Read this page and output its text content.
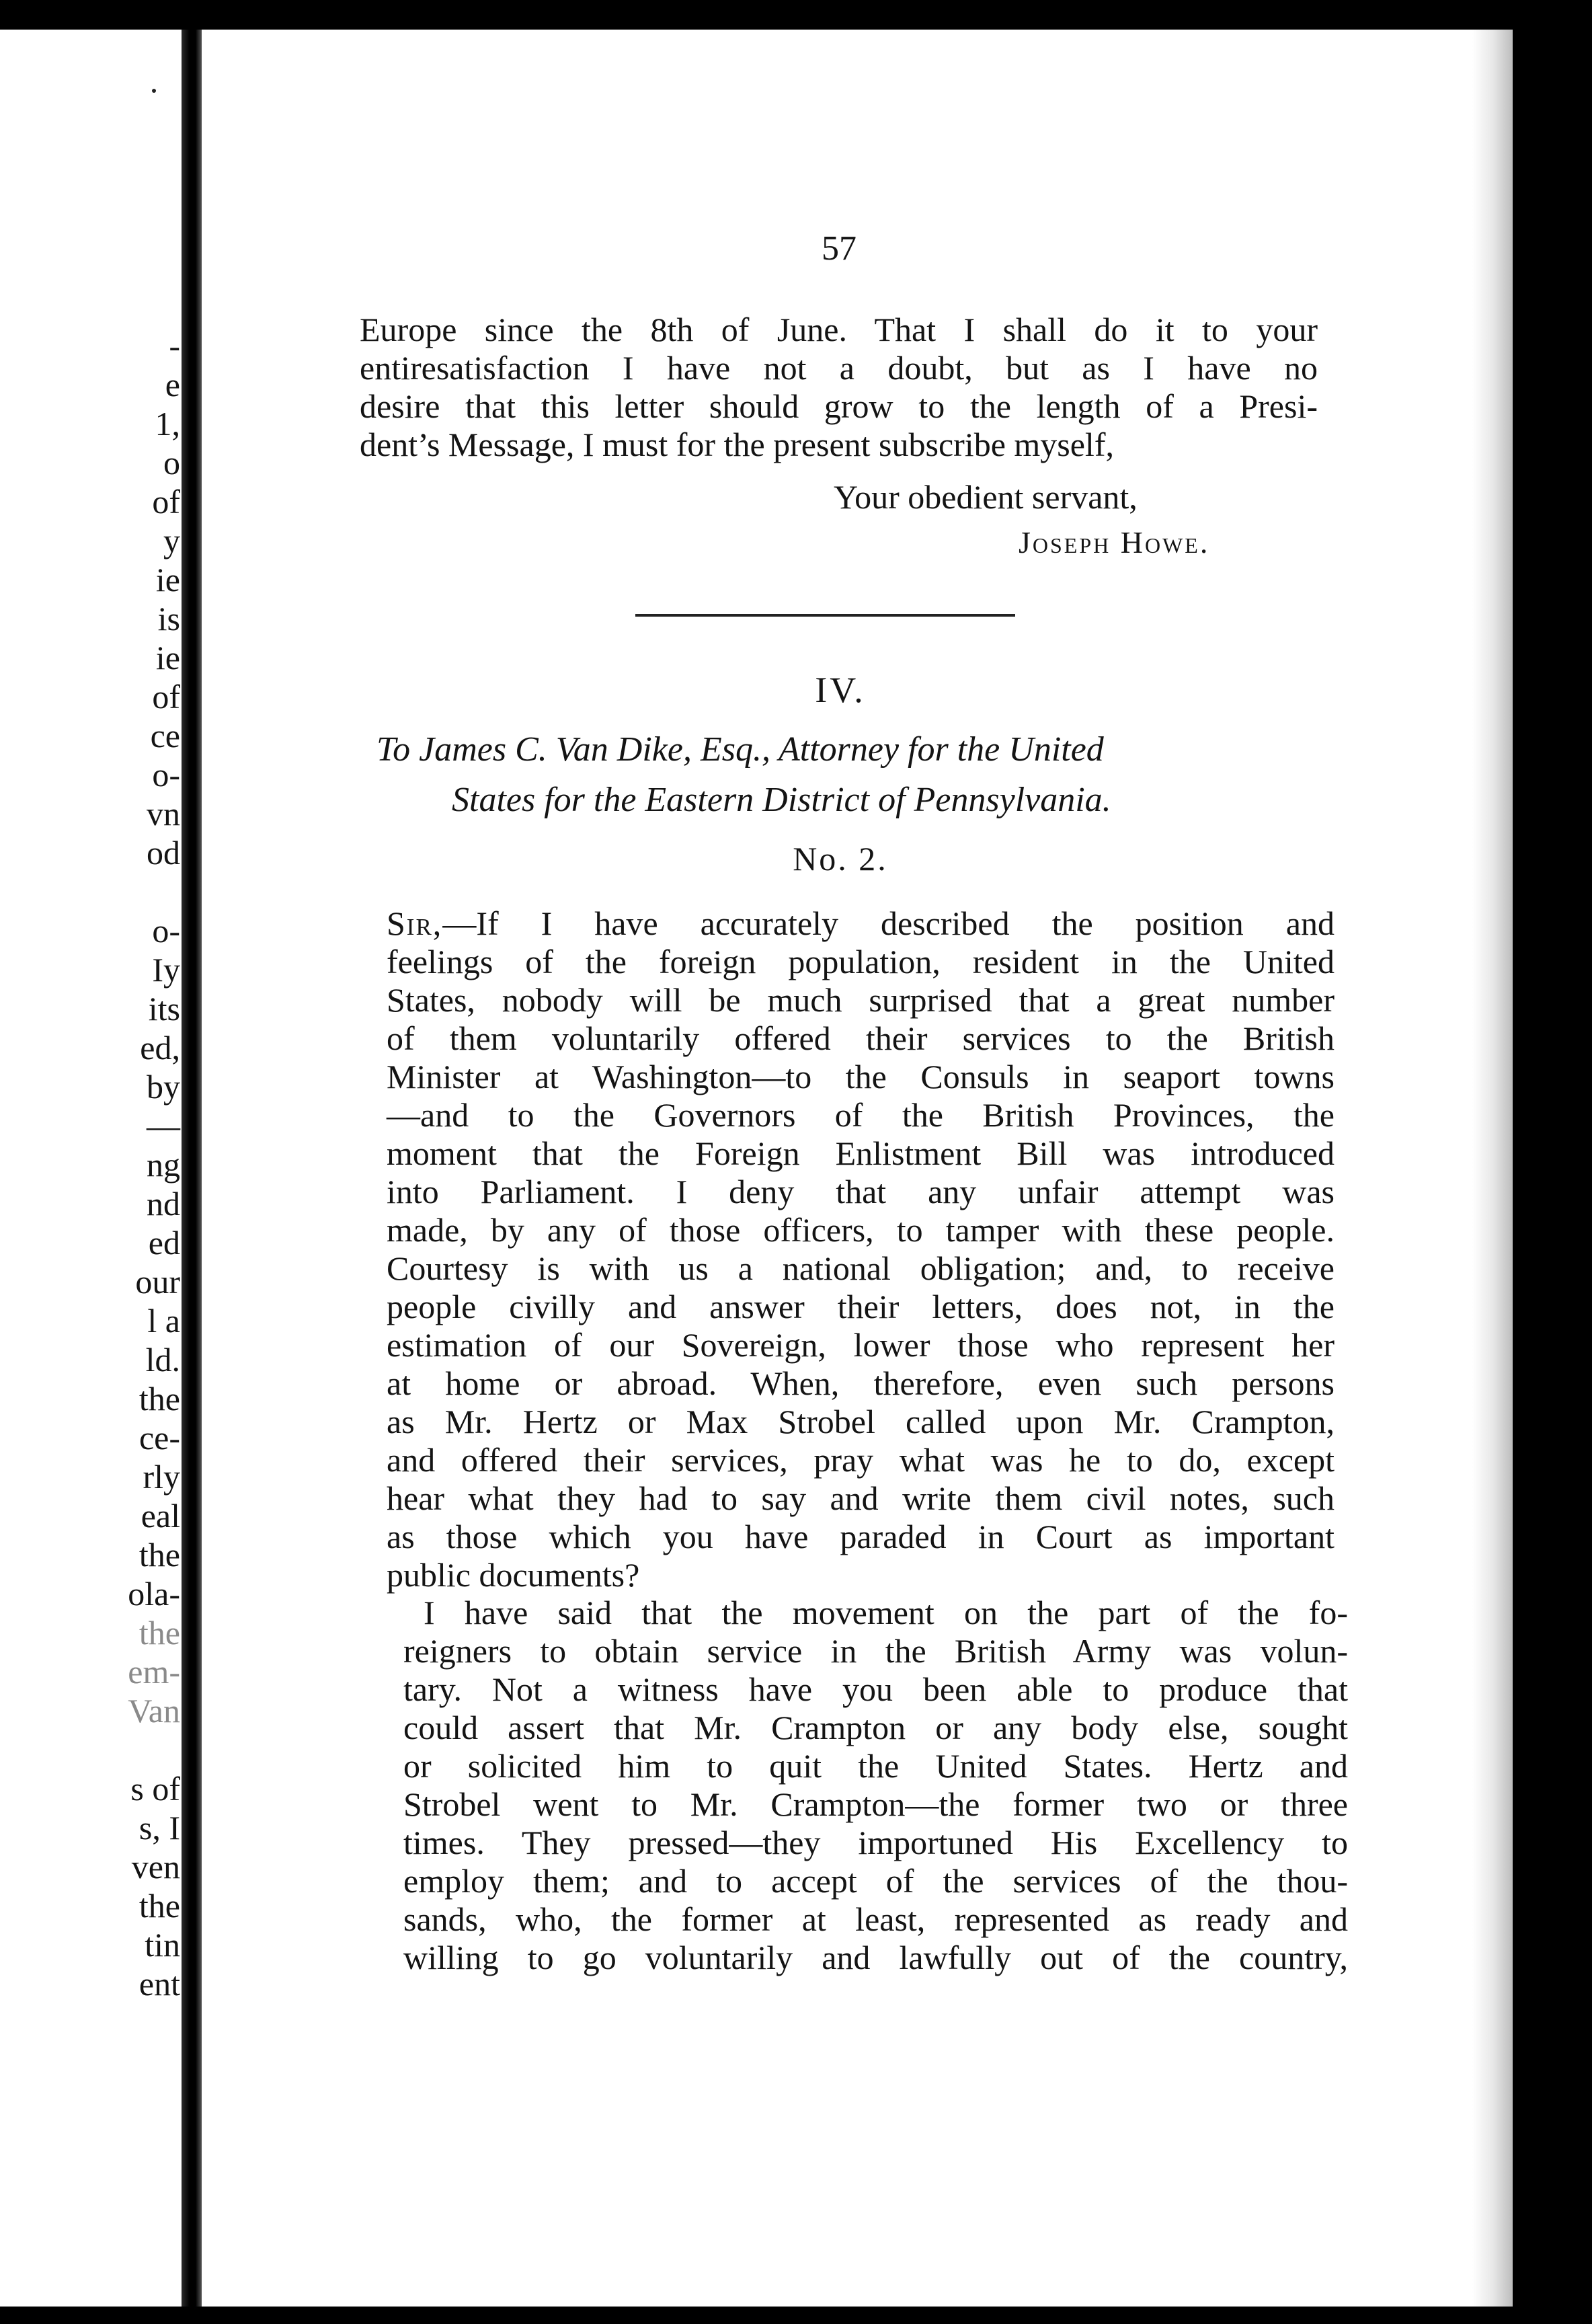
-
e
1,
o
of
y
ie
is
ie
of
ce
o-
vn
od
o-
Iy
its
ed,
by
—
ng
nd
ed
our
l a
ld.
the
ce-
rly
eal
the
ola-
the
em-
Van
s of
s, I
ven
the
tin
ent
57
Europe since the 8th of June. That I shall do it to your
entiresatisfaction I have not a doubt, but as I have no
desire that this letter should grow to the length of a Presi-
dent’s Message, I must for the present subscribe myself,
Your obedient servant,
Joseph Howe.
IV.
To James C. Van Dike, Esq., Attorney for the United
States for the Eastern District of Pennsylvania.
No. 2.
Sir,—If I have accurately described the position and
feelings of the foreign population, resident in the United
States, nobody will be much surprised that a great number
of them voluntarily offered their services to the British
Minister at Washington—to the Consuls in seaport towns
—and to the Governors of the British Provinces, the
moment that the Foreign Enlistment Bill was introduced
into Parliament. I deny that any unfair attempt was
made, by any of those officers, to tamper with these people.
Courtesy is with us a national obligation; and, to receive
people civilly and answer their letters, does not, in the
estimation of our Sovereign, lower those who represent her
at home or abroad. When, therefore, even such persons
as Mr. Hertz or Max Strobel called upon Mr. Crampton,
and offered their services, pray what was he to do, except
hear what they had to say and write them civil notes, such
as those which you have paraded in Court as important
public documents?
I have said that the movement on the part of the fo-
reigners to obtain service in the British Army was volun-
tary. Not a witness have you been able to produce that
could assert that Mr. Crampton or any body else, sought
or solicited him to quit the United States. Hertz and
Strobel went to Mr. Crampton—the former two or three
times. They pressed—they importuned His Excellency to
employ them; and to accept of the services of the thou-
sands, who, the former at least, represented as ready and
willing to go voluntarily and lawfully out of the country,
